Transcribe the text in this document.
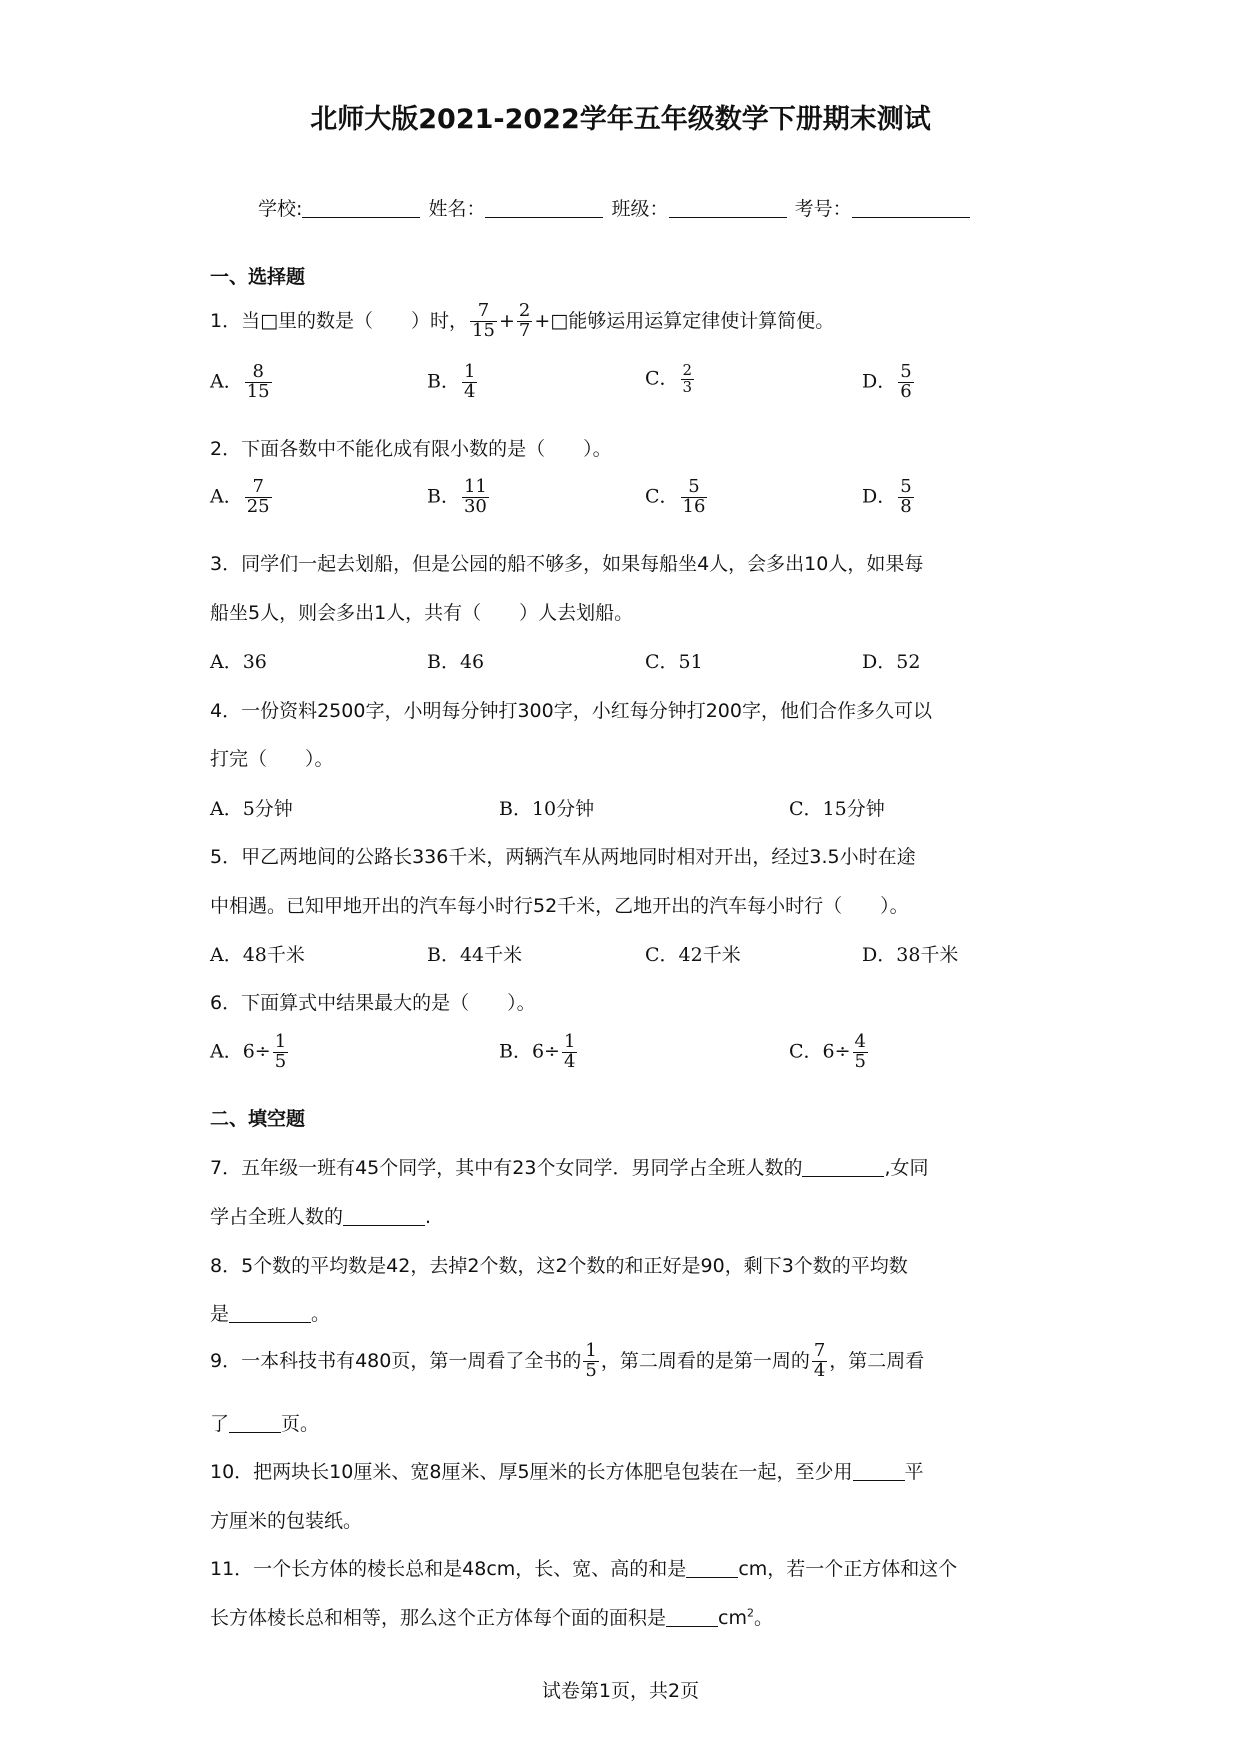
北师大版2021-2022学年五年级数学下册期末测试
学校:	姓名：	班级：	考号：
一、选择题
1．当□里的数是（　　）时， $\frac{7}{15} + \frac{2}{7}$ +□能够运用运算定律使计算简便。
A． $\frac{8}{15}$	B． $\frac{1}{4}$	C． $\frac{2}{3}$	D． $\frac{5}{6}$
2．下面各数中不能化成有限小数的是（　　）。
A． $\frac{7}{25}$	B． $\frac{11}{30}$	C． $\frac{5}{16}$	D． $\frac{5}{8}$
3．同学们一起去划船，但是公园的船不够多，如果每船坐4人，会多出10人，如果每
船坐5人，则会多出1人，共有（　　）人去划船。
A．36	B．46	C．51	D．52
4．一份资料2500字，小明每分钟打300字，小红每分钟打200字，他们合作多久可以
打完（　　）。
A．5分钟	B．10分钟	C．15分钟
5．甲乙两地间的公路长336千米，两辆汽车从两地同时相对开出，经过3.5小时在途
中相遇。已知甲地开出的汽车每小时行52千米，乙地开出的汽车每小时行（　　）。
A．48千米	B．44千米	C．42千米	D．38千米
6．下面算式中结果最大的是（　　）。
A．$6\div \frac{1}{5}$	B．$6\div \frac{1}{4}$	C．$6\div \frac{4}{5}$
二、填空题
7．五年级一班有45个同学，其中有23个女同学．男同学占全班人数的	,女同
学占全班人数的	.
8．5个数的平均数是42，去掉2个数，这2个数的和正好是90，剩下3个数的平均数
是	。
9．一本科技书有480页，第一周看了全书的 $\frac{1}{5}$ ，第二周看的是第一周的 $\frac{7}{4}$ ，第二周看
了	页。
10．把两块长10厘米、宽8厘米、厚5厘米的长方体肥皂包装在一起，至少用	平
方厘米的包装纸。
11．一个长方体的棱长总和是48cm，长、宽、高的和是	cm，若一个正方体和这个
长方体棱长总和相等，那么这个正方体每个面的面积是	$cm^2$。
试卷第1页，共2页
